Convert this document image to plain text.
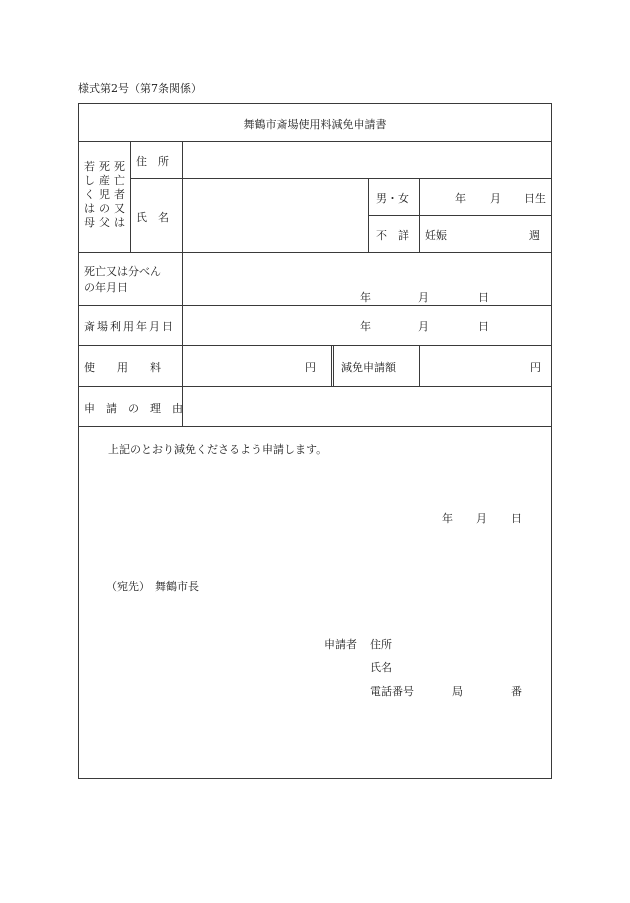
様式第2号（第7条関係）
舞鶴市斎場使用料減免申請書
死
亡
者
又
は
死
産
児
の
父
若
し
く
は
母
住　所
氏　名
男・女	年 月 日生
不　詳 妊娠	週
死亡又は分べん
の年月日
年	月	日
斎場利用年月日	年	月	日
使　　用　　料	円 減免申請額	円
申　請　の　理　由
上記のとおり減免くださるよう申請します。
年 月 日
（宛先） 舞鶴市長
申請者 住所
氏名
電話番号	局	番
